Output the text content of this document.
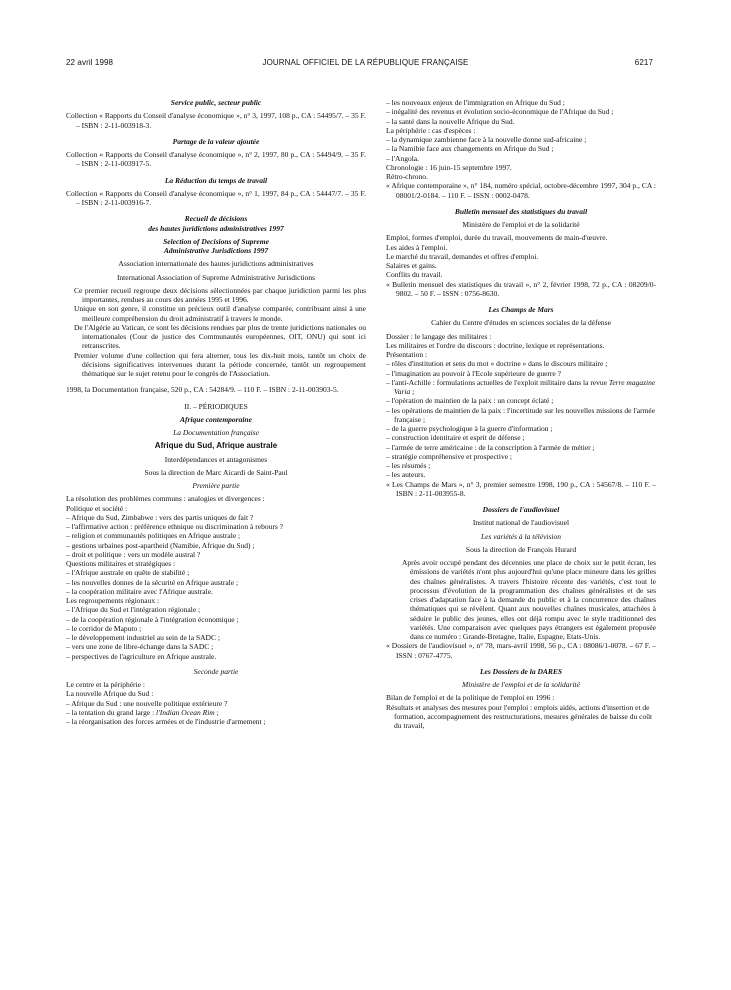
22 avril 1998	JOURNAL OFFICIEL DE LA RÉPUBLIQUE FRANÇAISE	6217

Service public, secteur public

Collection « Rapports du Conseil d'analyse économique », n° 3, 1997, 108 p., CA : 54495/7. – 35 F. – ISBN : 2-11-003918-3.

Partage de la valeur ajoutée

Collection « Rapports du Conseil d'analyse économique », n° 2, 1997, 80 p., CA : 54494/9. – 35 F. – ISBN : 2-11-003917-5.

La Réduction du temps de travail

Collection « Rapports du Conseil d'analyse économique », n° 1, 1997, 84 p., CA : 54447/7. – 35 F. – ISBN : 2-11-003916-7.

Recueil de décisions

des hautes juridictions administratives 1997

Selection of Decisions of Supreme

Administrative Jurisdictions 1997

Association internationale des hautes juridictions administratives

International Association of Supreme Administrative Jurisdictions

Ce premier recueil regroupe deux décisions sélectionnées par chaque juridiction parmi les plus importantes, rendues au cours des années 1995 et 1996.

Unique en son genre, il constitue un précieux outil d'analyse comparée, contribuant ainsi à une meilleure compréhension du droit administratif à travers le monde.

De l'Algérie au Vatican, ce sont les décisions rendues par plus de trente juridictions nationales ou internationales (Cour de justice des Communautés européennes, OIT, ONU) qui sont ici retranscrites.

Premier volume d'une collection qui fera alterner, tous les dix-huit mois, tantôt un choix de décisions significatives intervenues durant la période concernée, tantôt un regroupement thématique sur le sujet retenu pour le congrès de l'Association.

1998, la Documentation française, 520 p., CA : 54284/9. – 110 F. – ISBN : 2-11-003903-5.

II. – PÉRIODIQUES

Afrique contemporaine

La Documentation française

Afrique du Sud, Afrique australe

Interdépendances et antagonismes

Sous la direction de Marc Aicardi de Saint-Paul

Première partie

La résolution des problèmes communs : analogies et divergences :

Politique et société :

– Afrique du Sud, Zimbabwe : vers des partis uniques de fait ?

– l'affirmative action : préférence ethnique ou discrimination à rebours ?

– religion et communautés politiques en Afrique australe ;

– gestions urbaines post-apartheid (Namibie, Afrique du Sud) ;

– droit et politique : vers un modèle austral ?

Questions militaires et stratégiques :

– l'Afrique australe en quête de stabilité ;

– les nouvelles donnes de la sécurité en Afrique australe ;

– la coopération militaire avec l'Afrique australe.

Les regroupements régionaux :

– l'Afrique du Sud et l'intégration régionale ;

– de la coopération régionale à l'intégration économique ;

– le corridor de Maputo ;

– le développement industriel au sein de la SADC ;

– vers une zone de libre-échange dans la SADC ;

– perspectives de l'agriculture en Afrique australe.

Seconde partie

Le centre et la périphérie :

La nouvelle Afrique du Sud :

– Afrique du Sud : une nouvelle politique extérieure ?

– la tentation du grand large : l'Indian Ocean Rim ;

– la réorganisation des forces armées et de l'industrie d'armement ;

– les nouveaux enjeux de l'immigration en Afrique du Sud ;

– inégalité des revenus et évolution socio-économique de l'Afrique du Sud ;

– la santé dans la nouvelle Afrique du Sud.

La périphérie : cas d'espèces :

– la dynamique zambienne face à la nouvelle donne sud-africaine ;

– la Namibie face aux changements en Afrique du Sud ;

– l'Angola.

Chronologie : 16 juin-15 septembre 1997.

Rétro-chrono.

« Afrique contemporaine », n° 184, numéro spécial, octobre-décembre 1997, 304 p., CA : 08001/2-0184. – 110 F. – ISSN : 0002-0478.

Bulletin mensuel des statistiques du travail

Ministère de l'emploi et de la solidarité

Emploi, formes d'emploi, durée du travail, mouvements de main-d'œuvre.

Les aides à l'emploi.

Le marché du travail, demandes et offres d'emploi.

Salaires et gains.

Conflits du travail.

« Bulletin mensuel des statistiques du travail », n° 2, février 1998, 72 p., CA : 08209/0-9802. – 50 F. – ISSN : 0756-8630.

Les Champs de Mars

Cahier du Centre d'études en sciences sociales de la défense

Dossier : le langage des militaires :

Les militaires et l'ordre du discours : doctrine, lexique et représentations.

Présentation :

– rôles d'institution et sens du mot « doctrine » dans le discours militaire ;

– l'imagination au pouvoir à l'Ecole supérieure de guerre ?

– l'anti-Achille : formulations actuelles de l'exploit militaire dans la revue Terre magazine Varia ;

– l'opération de maintien de la paix : un concept éclaté ;

– les opérations de maintien de la paix : l'incertitude sur les nouvelles missions de l'armée française ;

– de la guerre psychologique à la guerre d'information ;

– construction identitaire et esprit de défense ;

– l'armée de terre américaine : de la conscription à l'armée de métier ;

– stratégie compréhensive et prospective ;

– les résumés ;

– les auteurs.

« Les Champs de Mars », n° 3, premier semestre 1998, 190 p., CA : 54567/8. – 110 F. – ISBN : 2-11-003955-8.

Dossiers de l'audiovisuel

Institut national de l'audiovisuel

Les variétés à la télévision

Sous la direction de François Hurard

Après avoir occupé pendant des décennies une place de choix sur le petit écran, les émissions de variétés n'ont plus aujourd'hui qu'une place mineure dans les grilles des chaînes généralistes. A travers l'histoire récente des variétés, c'est tout le processus d'évolution de la programmation des chaînes généralistes et de ses crises d'adaptation face à la demande du public et à la concurrence des chaînes thématiques qui se révèlent. Quant aux nouvelles chaînes musicales, attachées à séduire le public des jeunes, elles ont déjà rompu avec le style traditionnel des variétés. Une comparaison avec quelques pays étrangers est également proposée dans ce numéro : Grande-Bretagne, Italie, Espagne, Etats-Unis.

« Dossiers de l'audiovisuel », n° 78, mars-avril 1998, 56 p., CA : 08086/1-0078. – 67 F. – ISSN : 0767-4775.

Les Dossiers de la DARES

Ministère de l'emploi et de la solidarité

Bilan de l'emploi et de la politique de l'emploi en 1996 :

Résultats et analyses des mesures pour l'emploi : emplois aidés, actions d'insertion et de formation, accompagnement des restructurations, mesures générales de baisse du coût du travail,
